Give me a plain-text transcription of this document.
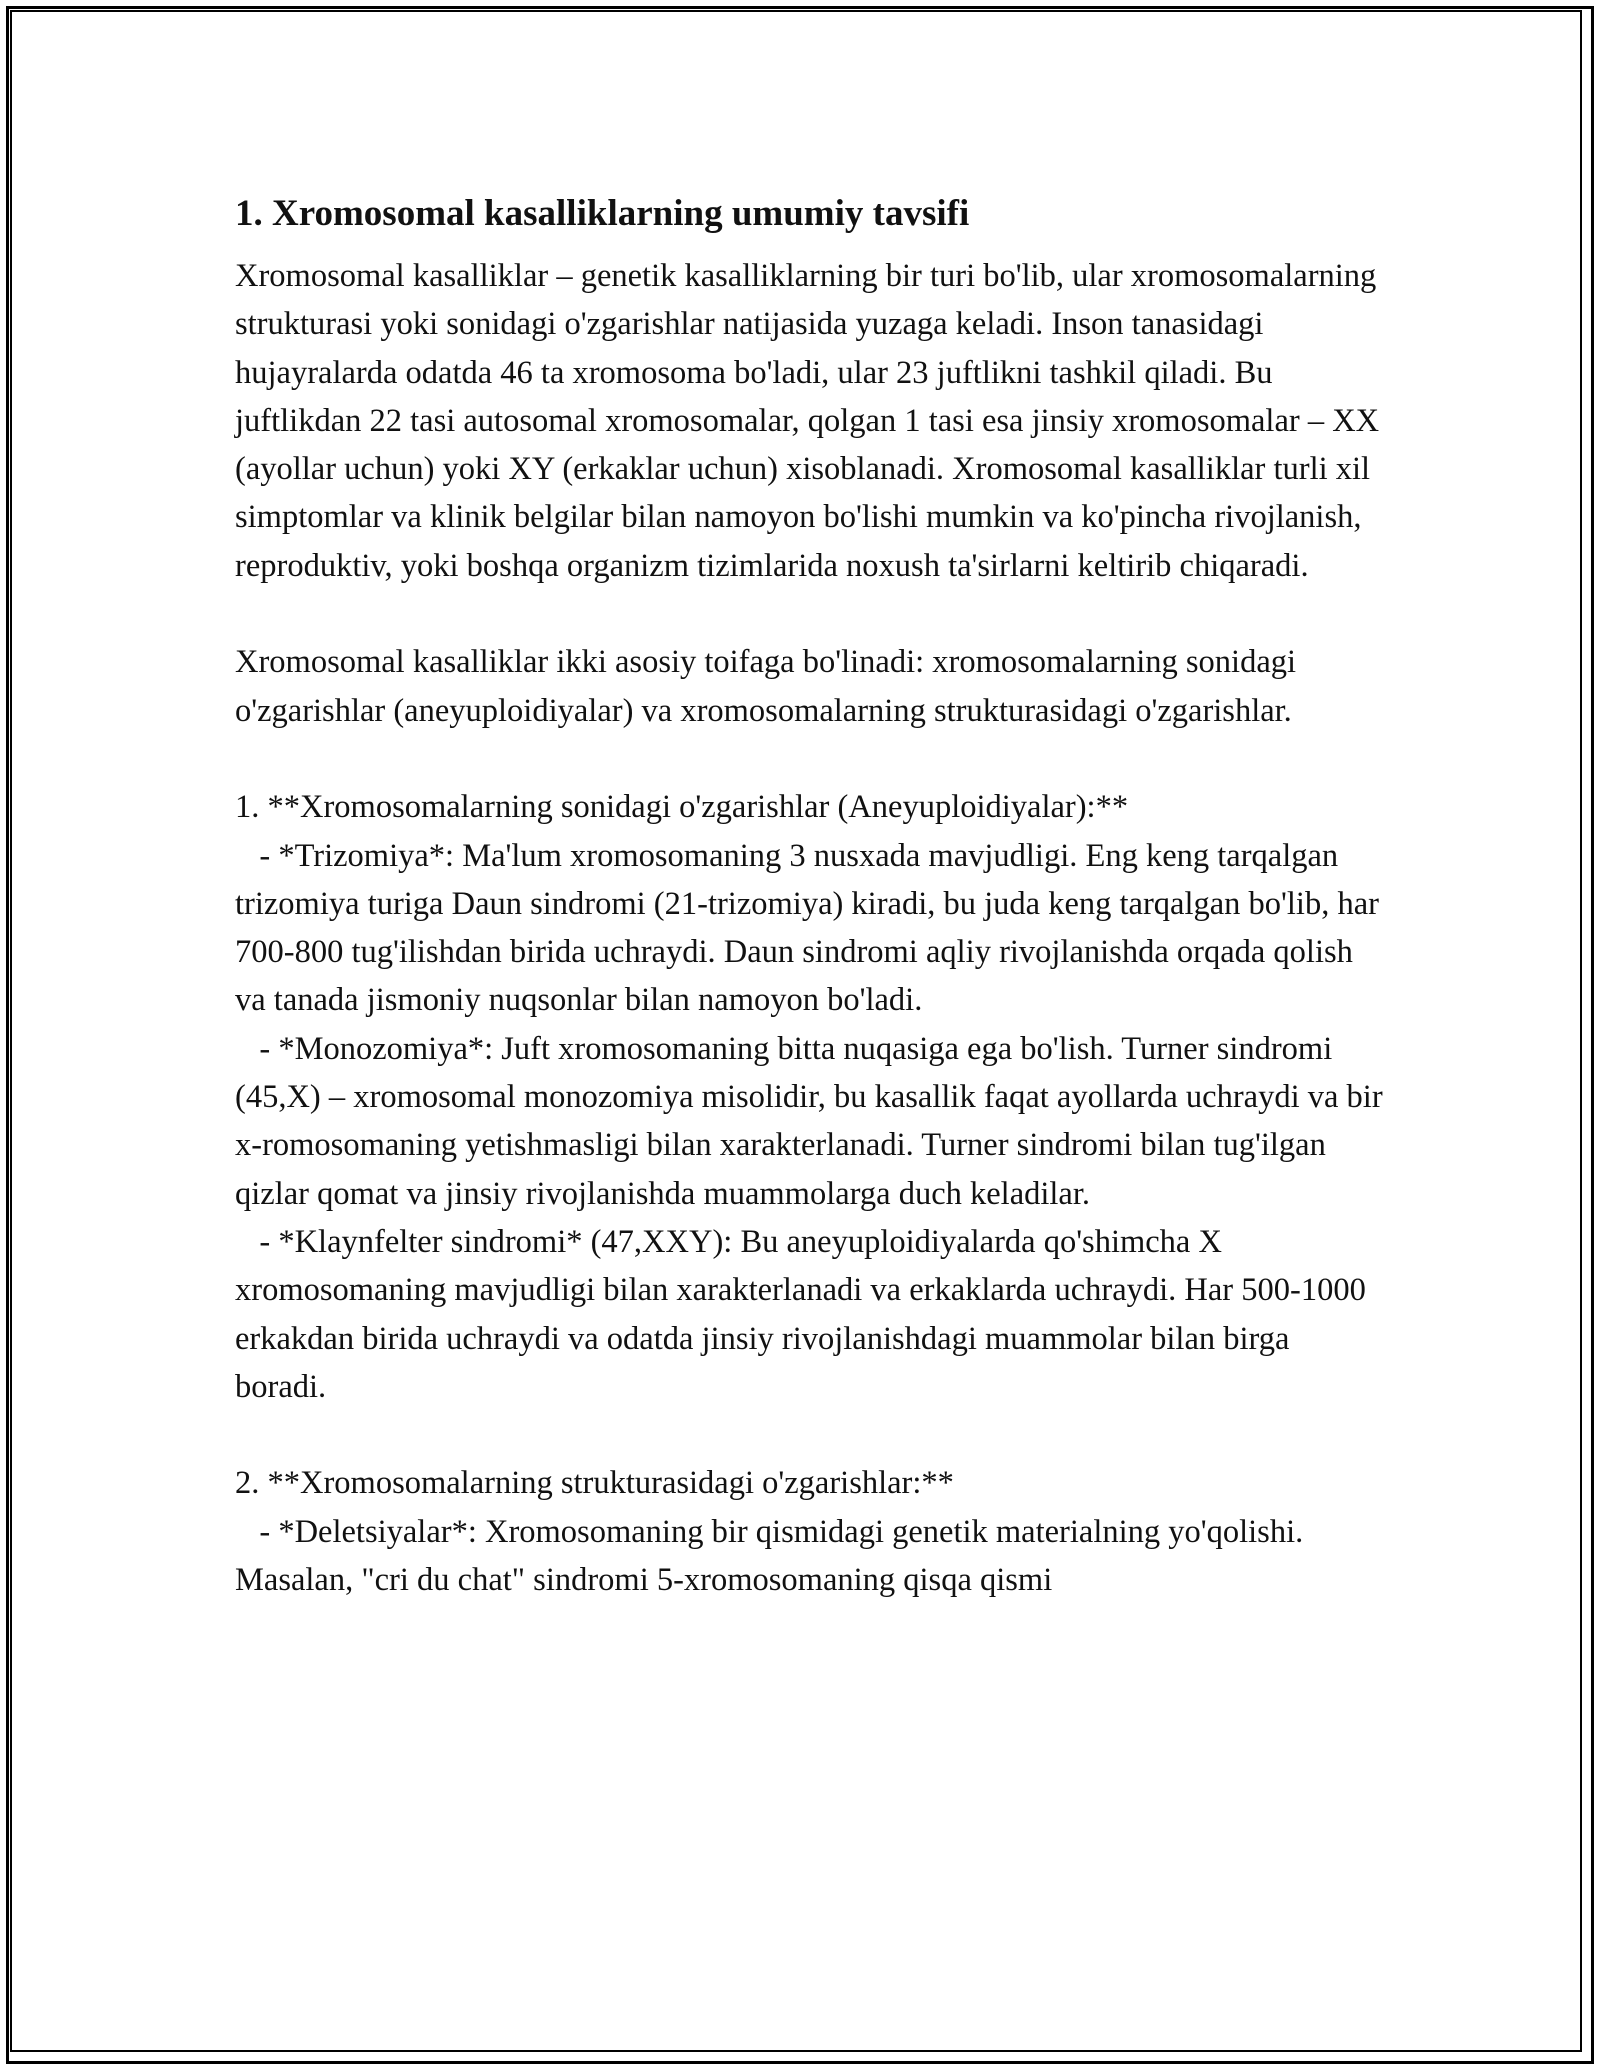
1. Xromosomal kasalliklarning umumiy tavsifi

Xromosomal kasalliklar – genetik kasalliklarning bir turi bo'lib, ular xromosomalarning strukturasi yoki sonidagi o'zgarishlar natijasida yuzaga keladi. Inson tanasidagi hujayralarda odatda 46 ta xromosoma bo'ladi, ular 23 juftlikni tashkil qiladi. Bu juftlikdan 22 tasi autosomal xromosomalar, qolgan 1 tasi esa jinsiy xromosomalar – XX (ayollar uchun) yoki XY (erkaklar uchun) xisoblanadi. Xromosomal kasalliklar turli xil simptomlar va klinik belgilar bilan namoyon bo'lishi mumkin va ko'pincha rivojlanish, reproduktiv, yoki boshqa organizm tizimlarida noxush ta'sirlarni keltirib chiqaradi.

Xromosomal kasalliklar ikki asosiy toifaga bo'linadi: xromosomalarning sonidagi o'zgarishlar (aneyuploidiyalar) va xromosomalarning strukturasidagi o'zgarishlar.

1. **Xromosomalarning sonidagi o'zgarishlar (Aneyuploidiyalar):**

- *Trizomiya*: Ma'lum xromosomaning 3 nusxada mavjudligi. Eng keng tarqalgan trizomiya turiga Daun sindromi (21-trizomiya) kiradi, bu juda keng tarqalgan bo'lib, har 700-800 tug'ilishdan birida uchraydi. Daun sindromi aqliy rivojlanishda orqada qolish va tanada jismoniy nuqsonlar bilan namoyon bo'ladi.

- *Monozomiya*: Juft xromosomaning bitta nuqasiga ega bo'lish. Turner sindromi (45,X) – xromosomal monozomiya misolidir, bu kasallik faqat ayollarda uchraydi va bir x-romosomaning yetishmasligi bilan xarakterlanadi. Turner sindromi bilan tug'ilgan qizlar qomat va jinsiy rivojlanishda muammolarga duch keladilar.

- *Klaynfelter sindromi* (47,XXY): Bu aneyuploidiyalarda qo'shimcha X xromosomaning mavjudligi bilan xarakterlanadi va erkaklarda uchraydi. Har 500-1000 erkakdan birida uchraydi va odatda jinsiy rivojlanishdagi muammolar bilan birga boradi.

2. **Xromosomalarning strukturasidagi o'zgarishlar:**

- *Deletsiyalar*: Xromosomaning bir qismidagi genetik materialning yo'qolishi. Masalan, "cri du chat" sindromi 5-xromosomaning qisqa qismi
